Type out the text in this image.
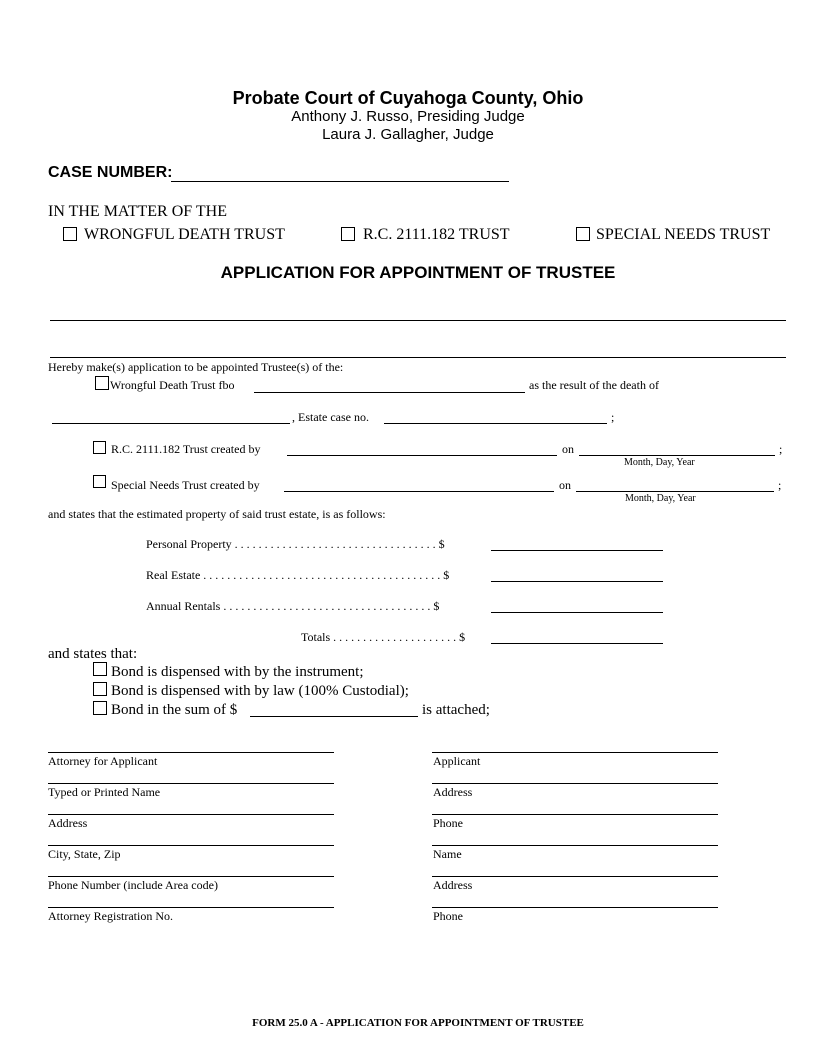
Probate Court of Cuyahoga County, Ohio
Anthony J. Russo, Presiding Judge
Laura J. Gallagher, Judge
CASE NUMBER:
IN THE MATTER OF THE
WRONGFUL DEATH TRUST	R.C. 2111.182 TRUST	SPECIAL NEEDS TRUST
APPLICATION FOR APPOINTMENT OF TRUSTEE
Hereby make(s) application to be appointed Trustee(s) of the:
Wrongful Death Trust fbo	as the result of the death of
, Estate case no.	;
R.C. 2111.182 Trust created by	on	;
Month, Day, Year
Special Needs Trust created by	on	;
Month, Day, Year
and states that the estimated property of said trust estate, is as follows:
Personal Property . . . . . . . . . . . . . . . . . . . . . . . . . . . . . . . . . . $
Real Estate . . . . . . . . . . . . . . . . . . . . . . . . . . . . . . . . . . . . . . . . $
Annual Rentals . . . . . . . . . . . . . . . . . . . . . . . . . . . . . . . . . . . $
Totals . . . . . . . . . . . . . . . . . . . . . $
and states that:
Bond is dispensed with by the instrument;
Bond is dispensed with by law (100% Custodial);
Bond in the sum of $	is attached;
Attorney for Applicant
Typed or Printed Name
Address
City, State, Zip
Phone Number (include Area code)
Attorney Registration No.
Applicant
Address
Phone
Name
Address
Phone
FORM 25.0 A - APPLICATION FOR APPOINTMENT OF TRUSTEE
